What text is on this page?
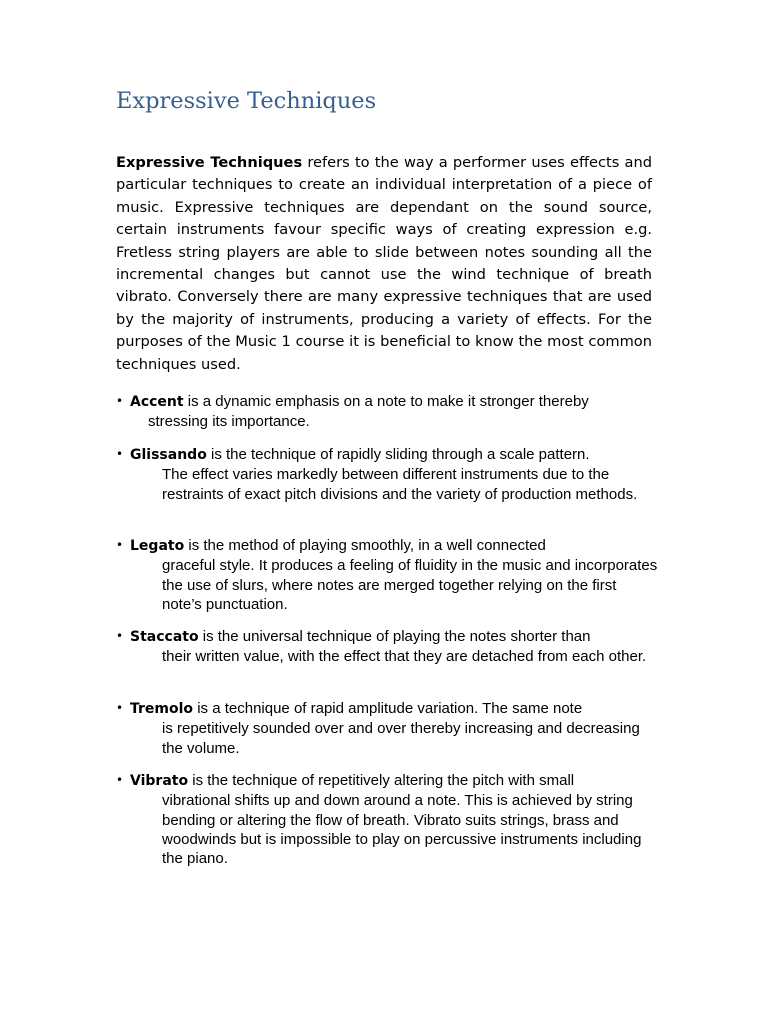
Expressive Techniques

Expressive Techniques refers to the way a performer uses effects and particular techniques to create an individual interpretation of a piece of music. Expressive techniques are dependant on the sound source, certain instruments favour specific ways of creating expression e.g. Fretless string players are able to slide between notes sounding all the incremental changes but cannot use the wind technique of breath vibrato. Conversely there are many expressive techniques that are used by the majority of instruments, producing a variety of effects. For the purposes of the Music 1 course it is beneficial to know the most common techniques used.

• Accent is a dynamic emphasis on a note to make it stronger thereby
stressing its importance.
• Glissando is the technique of rapidly sliding through a scale pattern.
The effect varies markedly between different instruments due to the restraints of exact pitch divisions and the variety of production methods.
• Legato is the method of playing smoothly, in a well connected
graceful style. It produces a feeling of fluidity in the music and incorporates the use of slurs, where notes are merged together relying on the first note’s punctuation.
• Staccato is the universal technique of playing the notes shorter than
their written value, with the effect that they are detached from each other.
• Tremolo is a technique of rapid amplitude variation. The same note
is repetitively sounded over and over thereby increasing and decreasing the volume.
• Vibrato is the technique of repetitively altering the pitch with small
vibrational shifts up and down around a note. This is achieved by string bending or altering the flow of breath. Vibrato suits strings, brass and woodwinds but is impossible to play on percussive instruments including the piano.
